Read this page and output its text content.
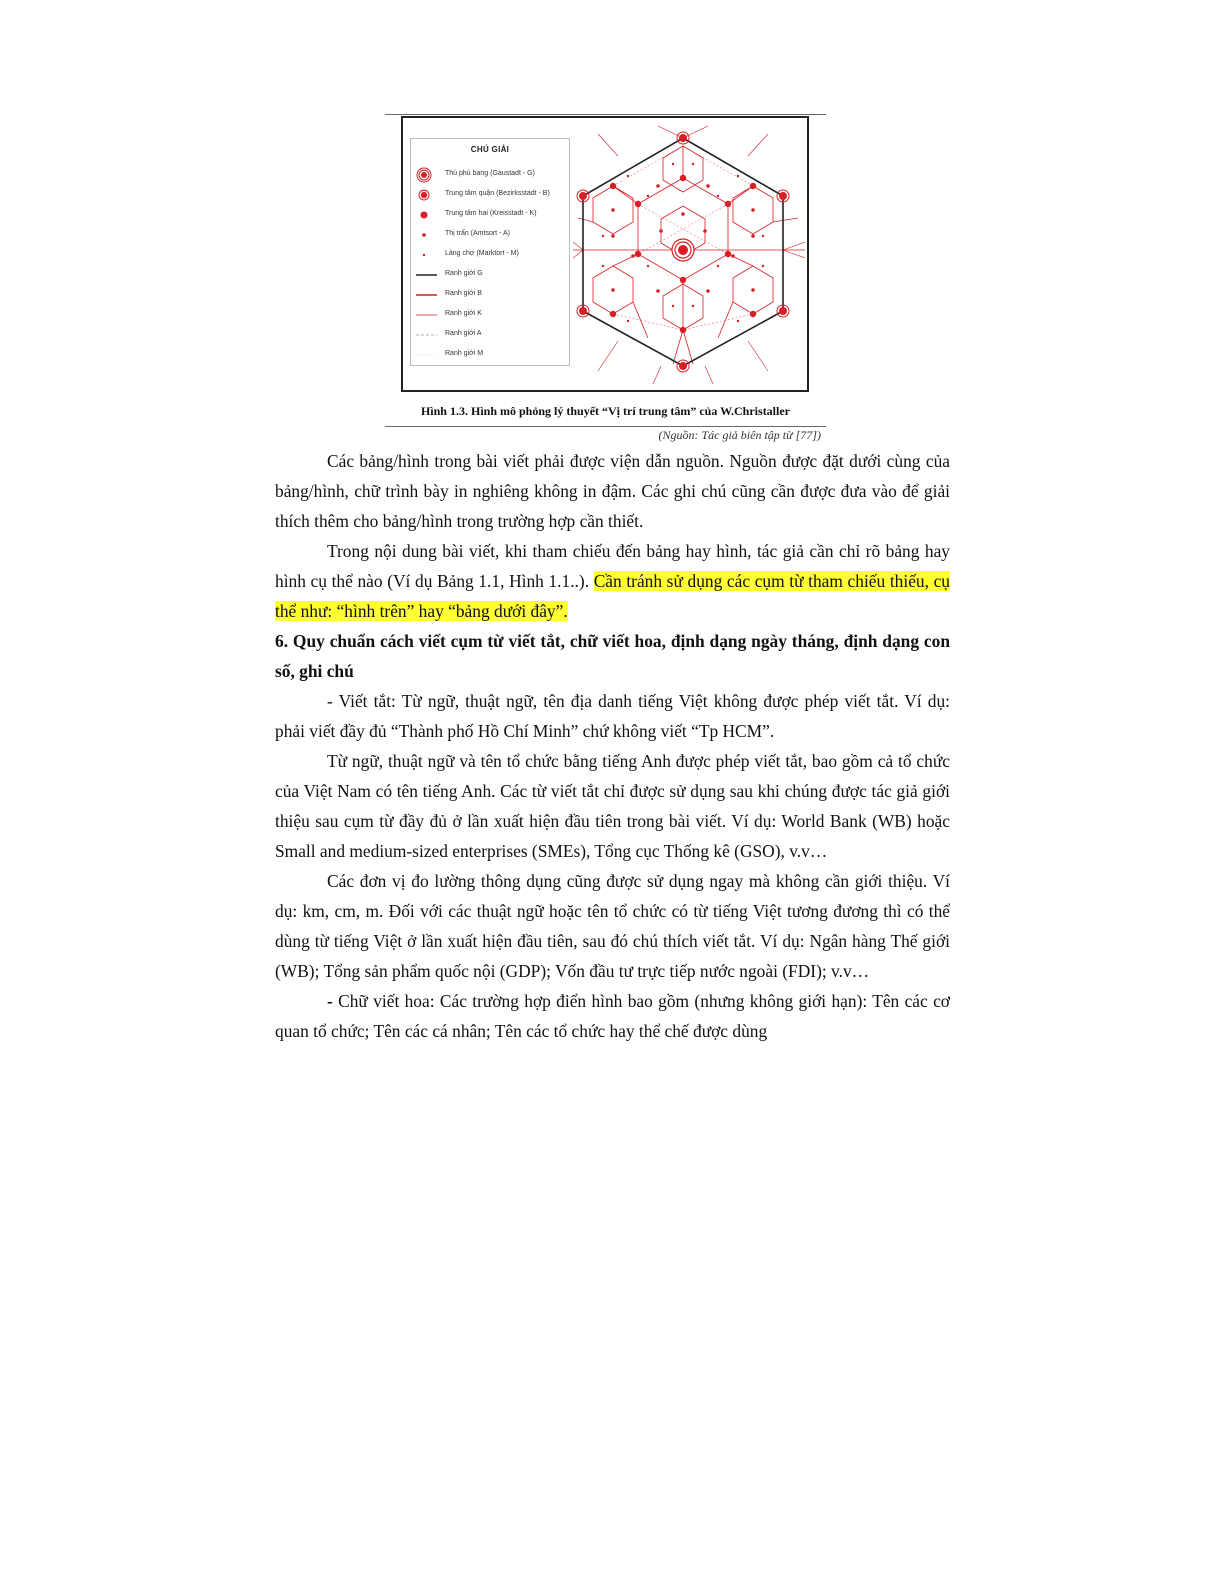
CHÚ GIẢI
Thủ phủ bang (Gaustadt - G)
Trung tâm quận (Bezirksstadt - B)
Trung tâm hai (Kreisstadt - K)
Thị trấn (Amtsort - A)
Làng chợ (Marktort - M)
Ranh giới G
Ranh giới B
Ranh giới K
Ranh giới A
Ranh giới M
Hình 1.3. Hình mô phỏng lý thuyết “Vị trí trung tâm” của W.Christaller
(Nguồn: Tác giả biên tập từ [77])

Các bảng/hình trong bài viết phải được viện dẫn nguồn. Nguồn được đặt dưới cùng của bảng/hình, chữ trình bày in nghiêng không in đậm. Các ghi chú cũng cần được đưa vào để giải thích thêm cho bảng/hình trong trường hợp cần thiết.

Trong nội dung bài viết, khi tham chiếu đến bảng hay hình, tác giả cần chỉ rõ bảng hay hình cụ thể nào (Ví dụ Bảng 1.1, Hình 1.1..). Cần tránh sử dụng các cụm từ tham chiếu thiếu, cụ thể như: “hình trên” hay “bảng dưới đây”.

6. Quy chuẩn cách viết cụm từ viết tắt, chữ viết hoa, định dạng ngày tháng, định dạng con số, ghi chú

- Viết tắt: Từ ngữ, thuật ngữ, tên địa danh tiếng Việt không được phép viết tắt. Ví dụ: phải viết đầy đủ “Thành phố Hồ Chí Minh” chứ không viết “Tp HCM”.

Từ ngữ, thuật ngữ và tên tổ chức bằng tiếng Anh được phép viết tắt, bao gồm cả tổ chức của Việt Nam có tên tiếng Anh. Các từ viết tắt chỉ được sử dụng sau khi chúng được tác giả giới thiệu sau cụm từ đầy đủ ở lần xuất hiện đầu tiên trong bài viết. Ví dụ: World Bank (WB) hoặc Small and medium-sized enterprises (SMEs), Tổng cục Thống kê (GSO), v.v…

Các đơn vị đo lường thông dụng cũng được sử dụng ngay mà không cần giới thiệu. Ví dụ: km, cm, m. Đối với các thuật ngữ hoặc tên tổ chức có từ tiếng Việt tương đương thì có thể dùng từ tiếng Việt ở lần xuất hiện đầu tiên, sau đó chú thích viết tắt. Ví dụ: Ngân hàng Thế giới (WB); Tổng sản phẩm quốc nội (GDP); Vốn đầu tư trực tiếp nước ngoài (FDI); v.v…

- Chữ viết hoa: Các trường hợp điển hình bao gồm (nhưng không giới hạn): Tên các cơ quan tổ chức; Tên các cá nhân; Tên các tổ chức hay thể chế được dùng
